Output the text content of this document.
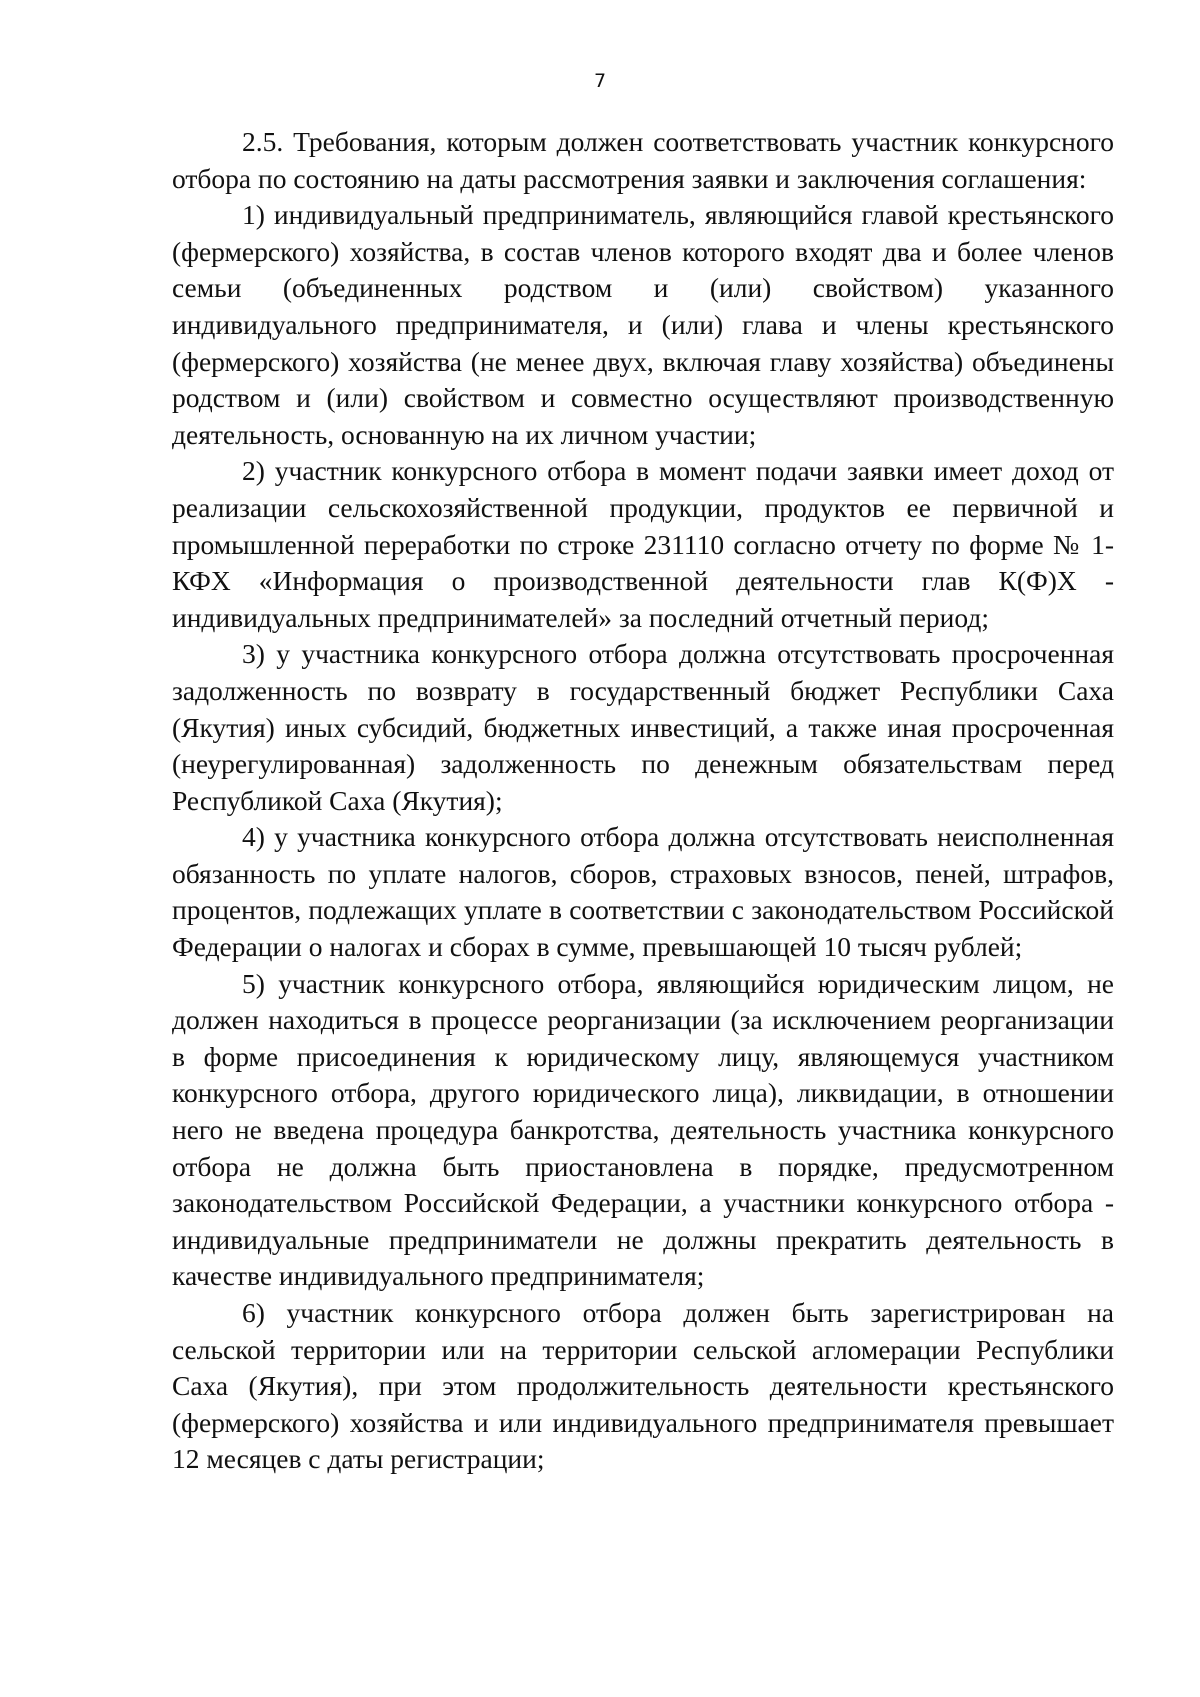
7

2.5. Требования, которым должен соответствовать участник конкурсного отбора по состоянию на даты рассмотрения заявки и заключения соглашения:

1) индивидуальный предприниматель, являющийся главой крестьянского (фермерского) хозяйства, в состав членов которого входят два и более членов семьи (объединенных родством и (или) свойством) указанного индивидуального предпринимателя, и (или) глава и члены крестьянского (фермерского) хозяйства (не менее двух, включая главу хозяйства) объединены родством и (или) свойством и совместно осуществляют производственную деятельность, основанную на их личном участии;

2) участник конкурсного отбора в момент подачи заявки имеет доход от реализации сельскохозяйственной продукции, продуктов ее первичной и промышленной переработки по строке 231110 согласно отчету по форме № 1-КФХ «Информация о производственной деятельности глав К(Ф)Х - индивидуальных предпринимателей» за последний отчетный период;

3) у участника конкурсного отбора должна отсутствовать просроченная задолженность по возврату в государственный бюджет Республики Саха (Якутия) иных субсидий, бюджетных инвестиций, а также иная просроченная (неурегулированная) задолженность по денежным обязательствам перед Республикой Саха (Якутия);

4) у участника конкурсного отбора должна отсутствовать неисполненная обязанность по уплате налогов, сборов, страховых взносов, пеней, штрафов, процентов, подлежащих уплате в соответствии с законодательством Российской Федерации о налогах и сборах в сумме, превышающей 10 тысяч рублей;

5) участник конкурсного отбора, являющийся юридическим лицом, не должен находиться в процессе реорганизации (за исключением реорганизации в форме присоединения к юридическому лицу, являющемуся участником конкурсного отбора, другого юридического лица), ликвидации, в отношении него не введена процедура банкротства, деятельность участника конкурсного отбора не должна быть приостановлена в порядке, предусмотренном законодательством Российской Федерации, а участники конкурсного отбора - индивидуальные предприниматели не должны прекратить деятельность в качестве индивидуального предпринимателя;

6) участник конкурсного отбора должен быть зарегистрирован на сельской территории или на территории сельской агломерации Республики Саха (Якутия), при этом продолжительность деятельности крестьянского (фермерского) хозяйства и или индивидуального предпринимателя превышает 12 месяцев с даты регистрации;
